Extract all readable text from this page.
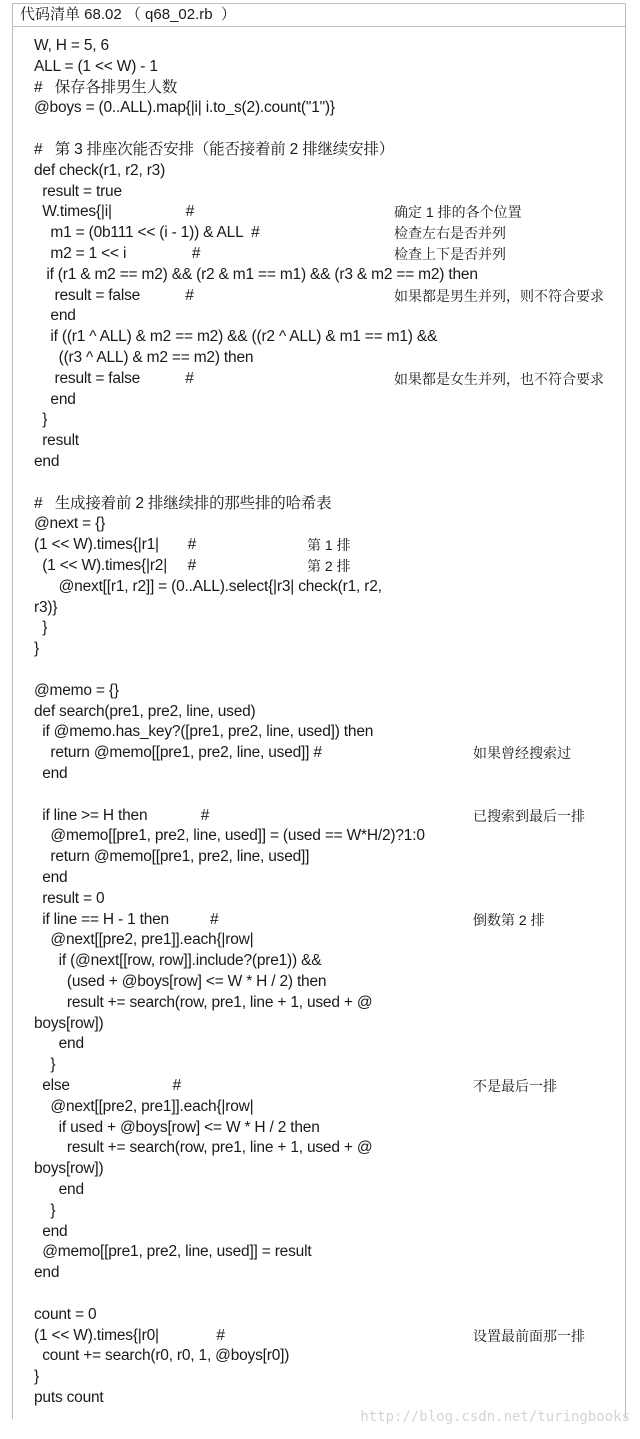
代码清单 68.02 （ q68_02.rb  ）
W, H = 5, 6
ALL = (1 << W) - 1
#   保存各排男生人数
@boys = (0..ALL).map{|i| i.to_s(2).count("1")}
#   第 3 排座次能否安排（能否接着前 2 排继续安排）
def check(r1, r2, r3)
result = true
W.times{|i|                  #	确定 1 排的各个位置
m1 = (0b111 << (i - 1)) & ALL  #	检查左右是否并列
m2 = 1 << i                #	检查上下是否并列
if (r1 & m2 == m2) && (r2 & m1 == m1) && (r3 & m2 == m2) then
result = false           #	如果都是男生并列，则不符合要求
end
if ((r1 ^ ALL) & m2 == m2) && ((r2 ^ ALL) & m1 == m1) &&
((r3 ^ ALL) & m2 == m2) then
result = false           #	如果都是女生并列，也不符合要求
end
}
result
end
#   生成接着前 2 排继续排的那些排的哈希表
@next = {}
(1 << W).times{|r1|       #	第 1 排
(1 << W).times{|r2|     #	第 2 排
@next[[r1, r2]] = (0..ALL).select{|r3| check(r1, r2,
r3)}
}
}
@memo = {}
def search(pre1, pre2, line, used)
if @memo.has_key?([pre1, pre2, line, used]) then
return @memo[[pre1, pre2, line, used]] #	如果曾经搜索过
end
if line >= H then             #	已搜索到最后一排
@memo[[pre1, pre2, line, used]] = (used == W*H/2)?1:0
return @memo[[pre1, pre2, line, used]]
end
result = 0
if line == H - 1 then          #	倒数第 2 排
@next[[pre2, pre1]].each{|row|
if (@next[[row, row]].include?(pre1)) &&
(used + @boys[row] <= W * H / 2) then
result += search(row, pre1, line + 1, used + @
boys[row])
end
}
else                         #	不是最后一排
@next[[pre2, pre1]].each{|row|
if used + @boys[row] <= W * H / 2 then
result += search(row, pre1, line + 1, used + @
boys[row])
end
}
end
@memo[[pre1, pre2, line, used]] = result
end
count = 0
(1 << W).times{|r0|              #	设置最前面那一排
count += search(r0, r0, 1, @boys[r0])
}
puts count
http://blog.csdn.net/turingbooks
